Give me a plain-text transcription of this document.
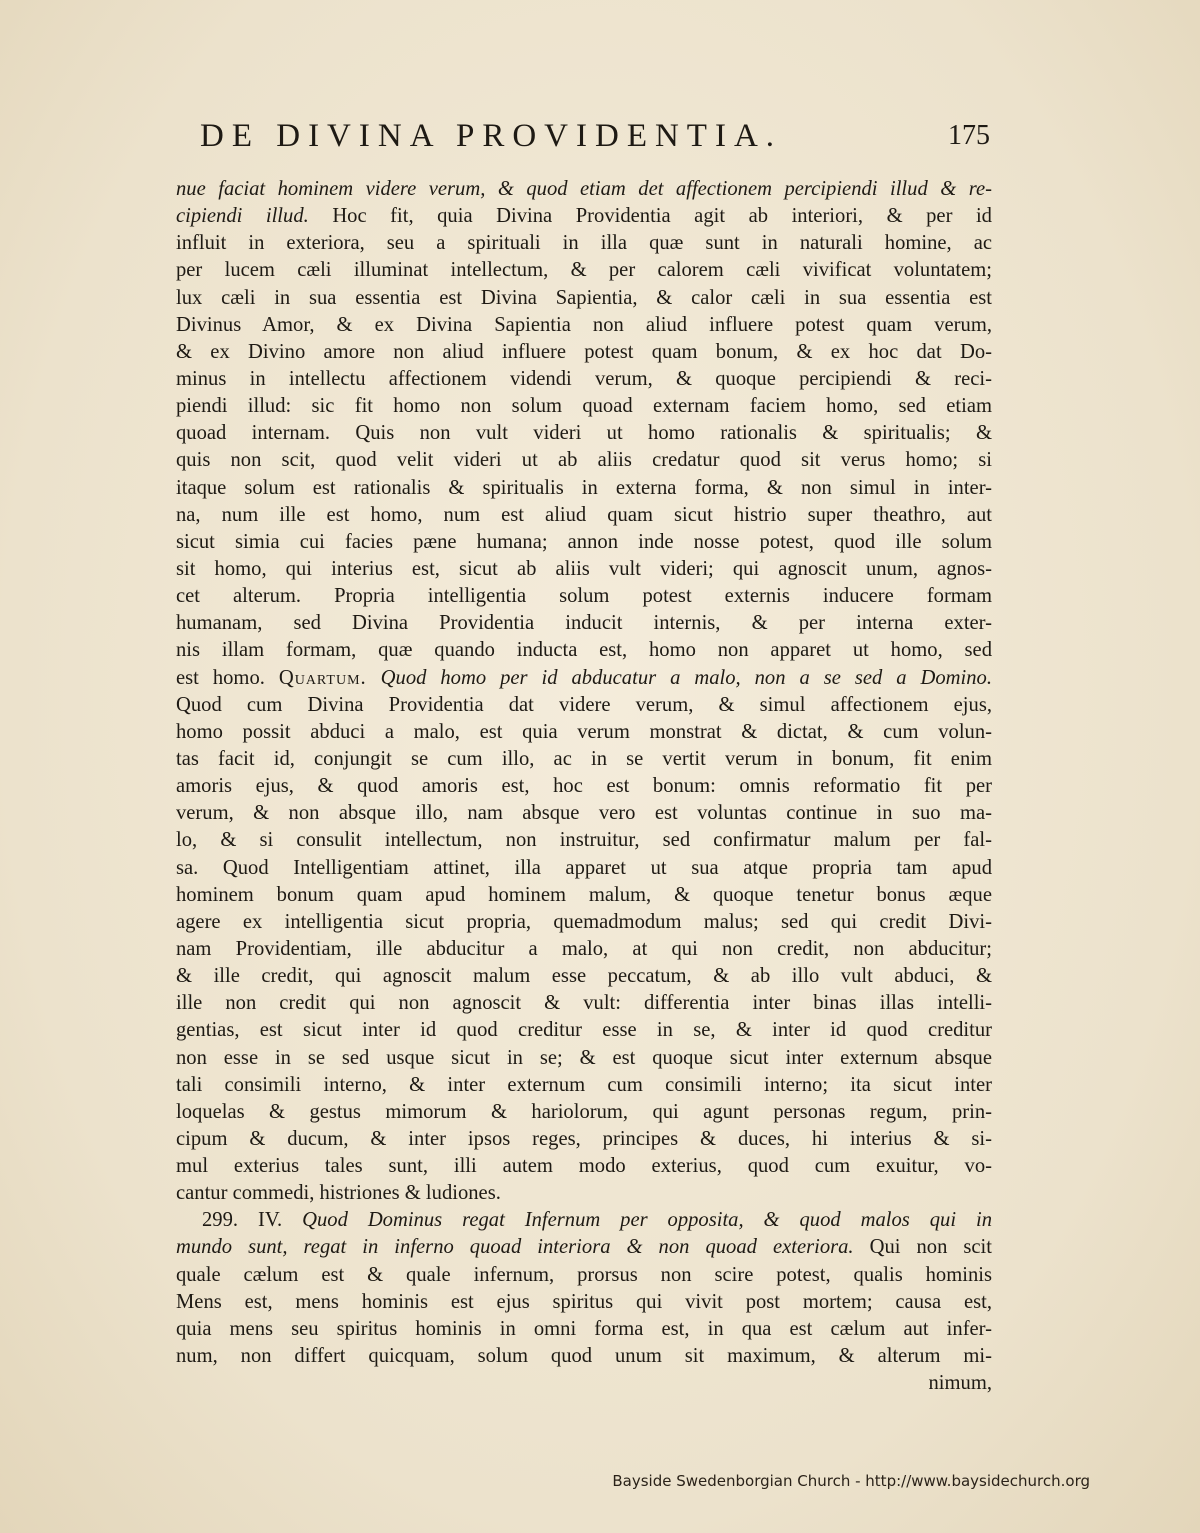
DE DIVINA PROVIDENTIA.	175
nue faciat hominem videre verum, & quod etiam det affectionem percipiendi illud & re-
cipiendi illud. Hoc fit, quia Divina Providentia agit ab interiori, & per id
influit in exteriora, seu a spirituali in illa quæ sunt in naturali homine, ac
per lucem cæli illuminat intellectum, & per calorem cæli vivificat voluntatem;
lux cæli in sua essentia est Divina Sapientia, & calor cæli in sua essentia est
Divinus Amor, & ex Divina Sapientia non aliud influere potest quam verum,
& ex Divino amore non aliud influere potest quam bonum, & ex hoc dat Do-
minus in intellectu affectionem videndi verum, & quoque percipiendi & reci-
piendi illud: sic fit homo non solum quoad externam faciem homo, sed etiam
quoad internam. Quis non vult videri ut homo rationalis & spiritualis; &
quis non scit, quod velit videri ut ab aliis credatur quod sit verus homo; si
itaque solum est rationalis & spiritualis in externa forma, & non simul in inter-
na, num ille est homo, num est aliud quam sicut histrio super theathro, aut
sicut simia cui facies pæne humana; annon inde nosse potest, quod ille solum
sit homo, qui interius est, sicut ab aliis vult videri; qui agnoscit unum, agnos-
cet alterum. Propria intelligentia solum potest externis inducere formam
humanam, sed Divina Providentia inducit internis, & per interna exter-
nis illam formam, quæ quando inducta est, homo non apparet ut homo, sed
est homo. Quartum. Quod homo per id abducatur a malo, non a se sed a Domino.
Quod cum Divina Providentia dat videre verum, & simul affectionem ejus,
homo possit abduci a malo, est quia verum monstrat & dictat, & cum volun-
tas facit id, conjungit se cum illo, ac in se vertit verum in bonum, fit enim
amoris ejus, & quod amoris est, hoc est bonum: omnis reformatio fit per
verum, & non absque illo, nam absque vero est voluntas continue in suo ma-
lo, & si consulit intellectum, non instruitur, sed confirmatur malum per fal-
sa. Quod Intelligentiam attinet, illa apparet ut sua atque propria tam apud
hominem bonum quam apud hominem malum, & quoque tenetur bonus æque
agere ex intelligentia sicut propria, quemadmodum malus; sed qui credit Divi-
nam Providentiam, ille abducitur a malo, at qui non credit, non abducitur;
& ille credit, qui agnoscit malum esse peccatum, & ab illo vult abduci, &
ille non credit qui non agnoscit & vult: differentia inter binas illas intelli-
gentias, est sicut inter id quod creditur esse in se, & inter id quod creditur
non esse in se sed usque sicut in se; & est quoque sicut inter externum absque
tali consimili interno, & inter externum cum consimili interno; ita sicut inter
loquelas & gestus mimorum & hariolorum, qui agunt personas regum, prin-
cipum & ducum, & inter ipsos reges, principes & duces, hi interius & si-
mul exterius tales sunt, illi autem modo exterius, quod cum exuitur, vo-
cantur commedi, histriones & ludiones.
299. IV. Quod Dominus regat Infernum per opposita, & quod malos qui in
mundo sunt, regat in inferno quoad interiora & non quoad exteriora. Qui non scit
quale cælum est & quale infernum, prorsus non scire potest, qualis hominis
Mens est, mens hominis est ejus spiritus qui vivit post mortem; causa est,
quia mens seu spiritus hominis in omni forma est, in qua est cælum aut infer-
num, non differt quicquam, solum quod unum sit maximum, & alterum mi-
nimum,
Bayside Swedenborgian Church - http://www.baysidechurch.org
